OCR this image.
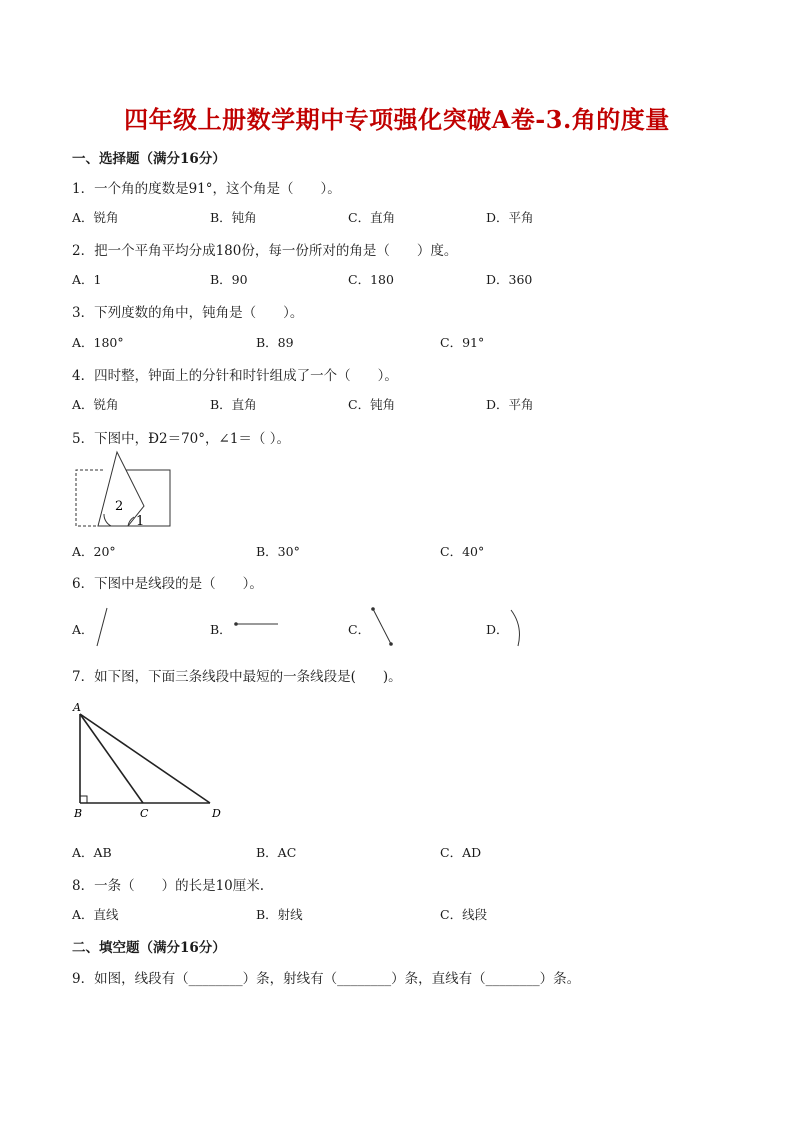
四年级上册数学期中专项强化突破A卷-3.角的度量
一、选择题（满分16分）
1．一个角的度数是91°，这个角是（　　）。
A．锐角	B．钝角	C．直角	D．平角
2．把一个平角平均分成180份，每一份所对的角是（　　）度。
A．1	B．90	C．180	D．360
3．下列度数的角中，钝角是（　　）。
A．180°	B．89	C．91°
4．四时整，钟面上的分针和时针组成了一个（　　）。
A．锐角	B．直角	C．钝角	D．平角
5．下图中，Ð2＝70°，∠1＝（ ）。
2
1
A．20°	B．30°	C．40°
6．下图中是线段的是（　　）。
A．	B．	C．	D．
7．如下图，下面三条线段中最短的一条线段是(　　)。
A
B	C	D
A．AB	B．AC	C．AD
8．一条（　　）的长是10厘米.
A．直线	B．射线	C．线段
二、填空题（满分16分）
9．如图，线段有（________）条，射线有（________）条，直线有（________）条。
